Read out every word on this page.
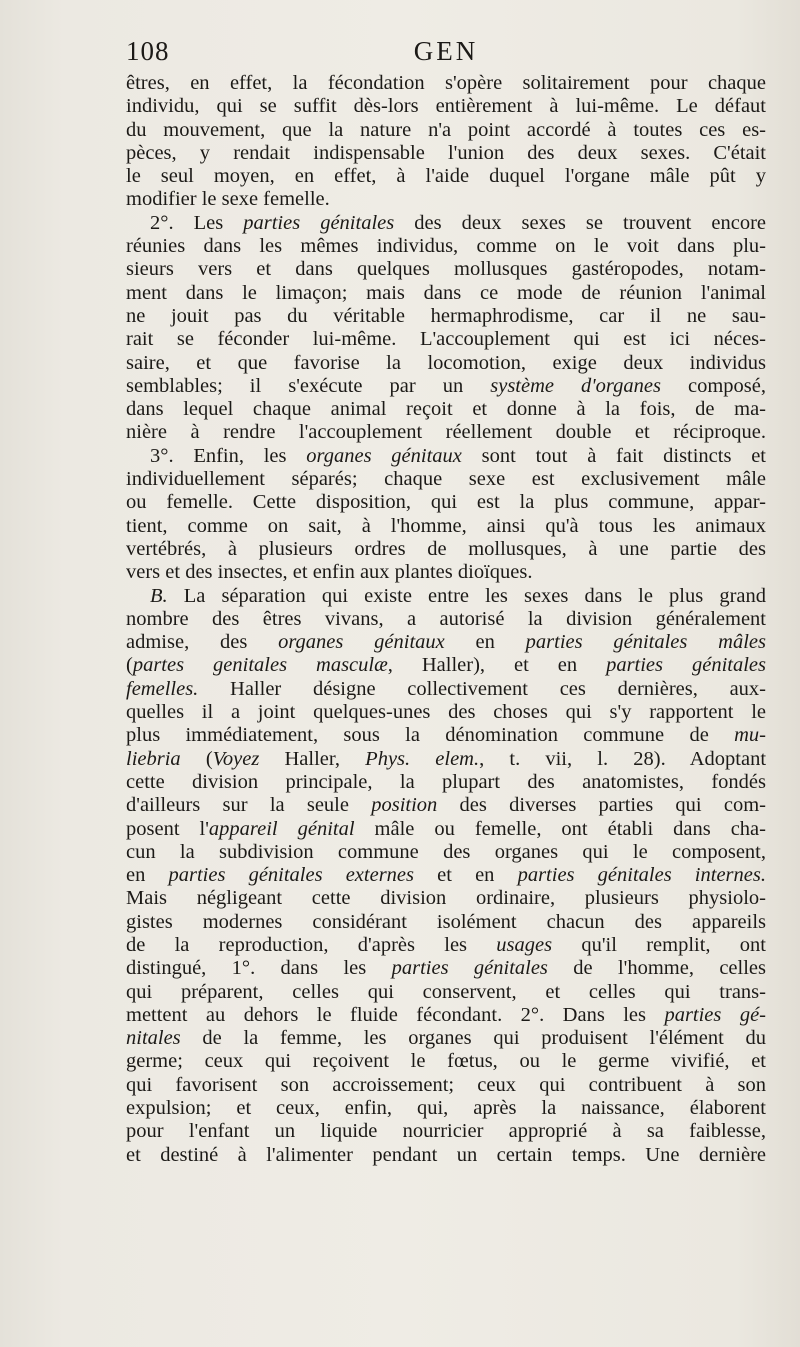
108	GEN
êtres, en effet, la fécondation s'opère solitairement pour chaque
individu, qui se suffit dès-lors entièrement à lui-même. Le défaut
du mouvement, que la nature n'a point accordé à toutes ces es-
pèces, y rendait indispensable l'union des deux sexes. C'était
le seul moyen, en effet, à l'aide duquel l'organe mâle pût y
modifier le sexe femelle.
2°. Les parties génitales des deux sexes se trouvent encore
réunies dans les mêmes individus, comme on le voit dans plu-
sieurs vers et dans quelques mollusques gastéropodes, notam-
ment dans le limaçon; mais dans ce mode de réunion l'animal
ne jouit pas du véritable hermaphrodisme, car il ne sau-
rait se féconder lui-même. L'accouplement qui est ici néces-
saire, et que favorise la locomotion, exige deux individus
semblables; il s'exécute par un système d'organes composé,
dans lequel chaque animal reçoit et donne à la fois, de ma-
nière à rendre l'accouplement réellement double et réciproque.
3°. Enfin, les organes génitaux sont tout à fait distincts et
individuellement séparés; chaque sexe est exclusivement mâle
ou femelle. Cette disposition, qui est la plus commune, appar-
tient, comme on sait, à l'homme, ainsi qu'à tous les animaux
vertébrés, à plusieurs ordres de mollusques, à une partie des
vers et des insectes, et enfin aux plantes dioïques.
B. La séparation qui existe entre les sexes dans le plus grand
nombre des êtres vivans, a autorisé la division généralement
admise, des organes génitaux en parties génitales mâles
(partes genitales masculæ, Haller), et en parties génitales
femelles. Haller désigne collectivement ces dernières, aux-
quelles il a joint quelques-unes des choses qui s'y rapportent le
plus immédiatement, sous la dénomination commune de mu-
liebria (Voyez Haller, Phys. elem., t. vii, l. 28). Adoptant
cette division principale, la plupart des anatomistes, fondés
d'ailleurs sur la seule position des diverses parties qui com-
posent l'appareil génital mâle ou femelle, ont établi dans cha-
cun la subdivision commune des organes qui le composent,
en parties génitales externes et en parties génitales internes.
Mais négligeant cette division ordinaire, plusieurs physiolo-
gistes modernes considérant isolément chacun des appareils
de la reproduction, d'après les usages qu'il remplit, ont
distingué, 1°. dans les parties génitales de l'homme, celles
qui préparent, celles qui conservent, et celles qui trans-
mettent au dehors le fluide fécondant. 2°. Dans les parties gé-
nitales de la femme, les organes qui produisent l'élément du
germe; ceux qui reçoivent le fœtus, ou le germe vivifié, et
qui favorisent son accroissement; ceux qui contribuent à son
expulsion; et ceux, enfin, qui, après la naissance, élaborent
pour l'enfant un liquide nourricier approprié à sa faiblesse,
et destiné à l'alimenter pendant un certain temps. Une dernière
